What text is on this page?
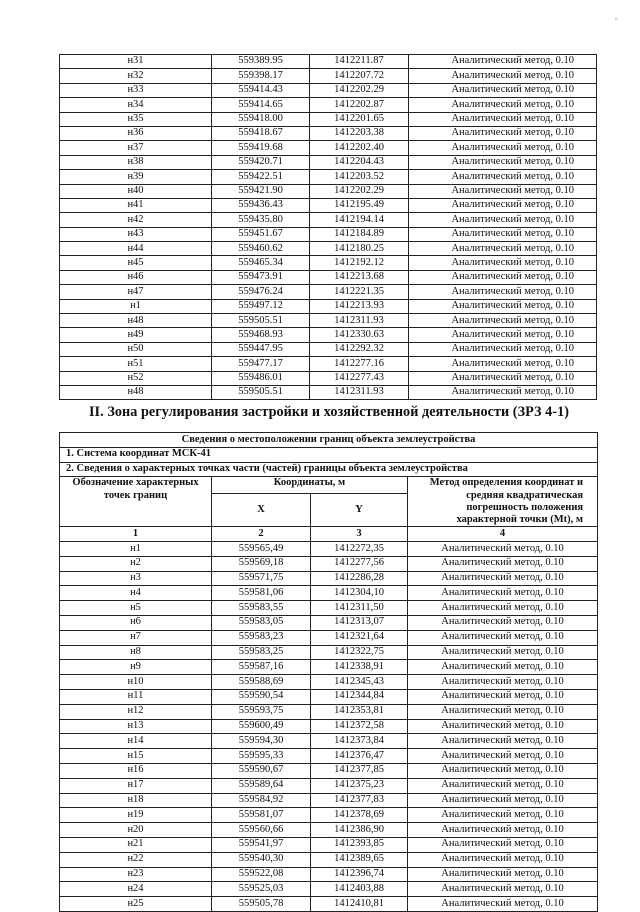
°
н31	559389.95	1412211.87	Аналитический метод, 0.10
н32	559398.17	1412207.72	Аналитический метод, 0.10
н33	559414.43	1412202.29	Аналитический метод, 0.10
н34	559414.65	1412202.87	Аналитический метод, 0.10
н35	559418.00	1412201.65	Аналитический метод, 0.10
н36	559418.67	1412203.38	Аналитический метод, 0.10
н37	559419.68	1412202.40	Аналитический метод, 0.10
н38	559420.71	1412204.43	Аналитический метод, 0.10
н39	559422.51	1412203.52	Аналитический метод, 0.10
н40	559421.90	1412202.29	Аналитический метод, 0.10
н41	559436.43	1412195.49	Аналитический метод, 0.10
н42	559435.80	1412194.14	Аналитический метод, 0.10
н43	559451.67	1412184.89	Аналитический метод, 0.10
н44	559460.62	1412180.25	Аналитический метод, 0.10
н45	559465.34	1412192.12	Аналитический метод, 0.10
н46	559473.91	1412213.68	Аналитический метод, 0.10
н47	559476.24	1412221.35	Аналитический метод, 0.10
н1	559497.12	1412213.93	Аналитический метод, 0.10
н48	559505.51	1412311.93	Аналитический метод, 0.10
н49	559468.93	1412330.63	Аналитический метод, 0.10
н50	559447.95	1412292.32	Аналитический метод, 0.10
н51	559477.17	1412277.16	Аналитический метод, 0.10
н52	559486.01	1412277.43	Аналитический метод, 0.10
н48	559505.51	1412311.93	Аналитический метод, 0.10
II. Зона регулирования застройки и хозяйственной деятельности (ЗРЗ 4-1)
Сведения о местоположении границ объекта землеустройства			
1. Система координат МСК-41			
2. Сведения о характерных точках части (частей) границы объекта землеустройства			
Обозначение характерных точек границ	Координаты, м		Метод определения координат и средняя квадратическая погрешность положения характерной точки (Mt), м
	X	Y	
1	2	3	4
н1	559565,49	1412272,35	Аналитический метод, 0.10
н2	559569,18	1412277,56	Аналитический метод, 0.10
н3	559571,75	1412286,28	Аналитический метод, 0.10
н4	559581,06	1412304,10	Аналитический метод, 0.10
н5	559583,55	1412311,50	Аналитический метод, 0.10
н6	559583,05	1412313,07	Аналитический метод, 0.10
н7	559583,23	1412321,64	Аналитический метод, 0.10
н8	559583,25	1412322,75	Аналитический метод, 0.10
н9	559587,16	1412338,91	Аналитический метод, 0.10
н10	559588,69	1412345,43	Аналитический метод, 0.10
н11	559590,54	1412344,84	Аналитический метод, 0.10
н12	559593,75	1412353,81	Аналитический метод, 0.10
н13	559600,49	1412372,58	Аналитический метод, 0.10
н14	559594,30	1412373,84	Аналитический метод, 0.10
н15	559595,33	1412376,47	Аналитический метод, 0.10
н16	559590,67	1412377,85	Аналитический метод, 0.10
н17	559589,64	1412375,23	Аналитический метод, 0.10
н18	559584,92	1412377,83	Аналитический метод, 0.10
н19	559581,07	1412378,69	Аналитический метод, 0.10
н20	559560,66	1412386,90	Аналитический метод, 0.10
н21	559541,97	1412393,85	Аналитический метод, 0.10
н22	559540,30	1412389,65	Аналитический метод, 0.10
н23	559522,08	1412396,74	Аналитический метод, 0.10
н24	559525,03	1412403,88	Аналитический метод, 0.10
н25	559505,78	1412410,81	Аналитический метод, 0.10
